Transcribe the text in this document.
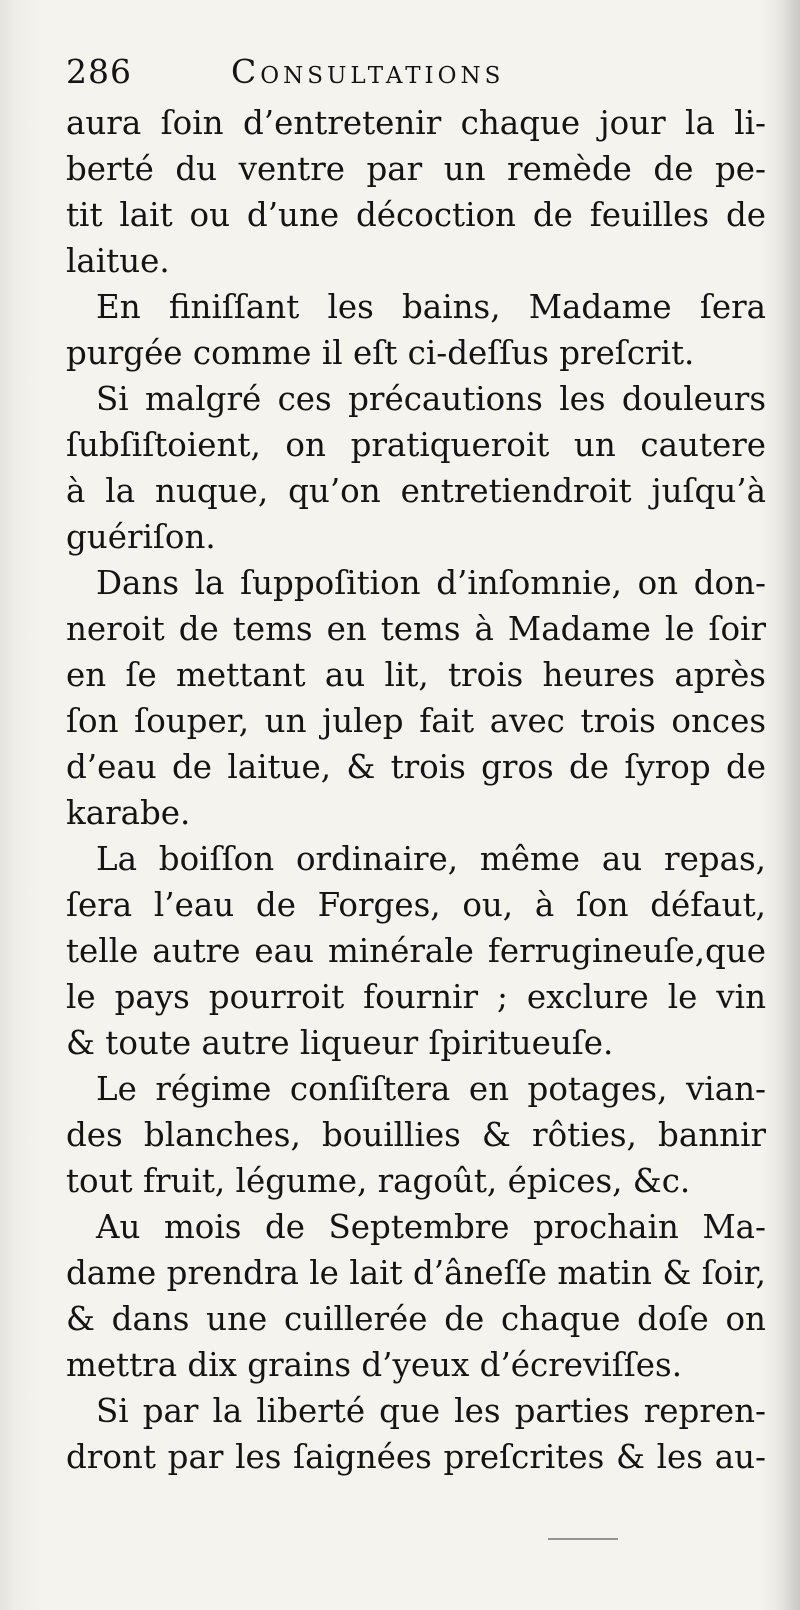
286	Consultations

aura ſoin d’entretenir chaque jour la li-
berté du ventre par un remède de pe-
tit lait ou d’une décoction de feuilles de
laitue.

En finiſſant les bains, Madame ſera
purgée comme il eſt ci-deſſus preſcrit.

Si malgré ces précautions les douleurs
ſubſiſtoient, on pratiqueroit un cautere
à la nuque, qu’on entretiendroit juſqu’à
guériſon.

Dans la ſuppoſition d’inſomnie, on don-
neroit de tems en tems à Madame le ſoir
en ſe mettant au lit, trois heures après
ſon ſouper, un julep fait avec trois onces
d’eau de laitue, & trois gros de ſyrop de
karabe.

La boiſſon ordinaire, même au repas,
ſera l’eau de Forges, ou, à ſon défaut,
telle autre eau minérale ferrugineuſe,que
le pays pourroit fournir ; exclure le vin
& toute autre liqueur ſpiritueuſe.

Le régime conſiſtera en potages, vian-
des blanches, bouillies & rôties, bannir
tout fruit, légume, ragoût, épices, &c.

Au mois de Septembre prochain Ma-
dame prendra le lait d’âneſſe matin & ſoir,
& dans une cuillerée de chaque doſe on
mettra dix grains d’yeux d’écreviſſes.

Si par la liberté que les parties repren-
dront par les ſaignées preſcrites & les au-
